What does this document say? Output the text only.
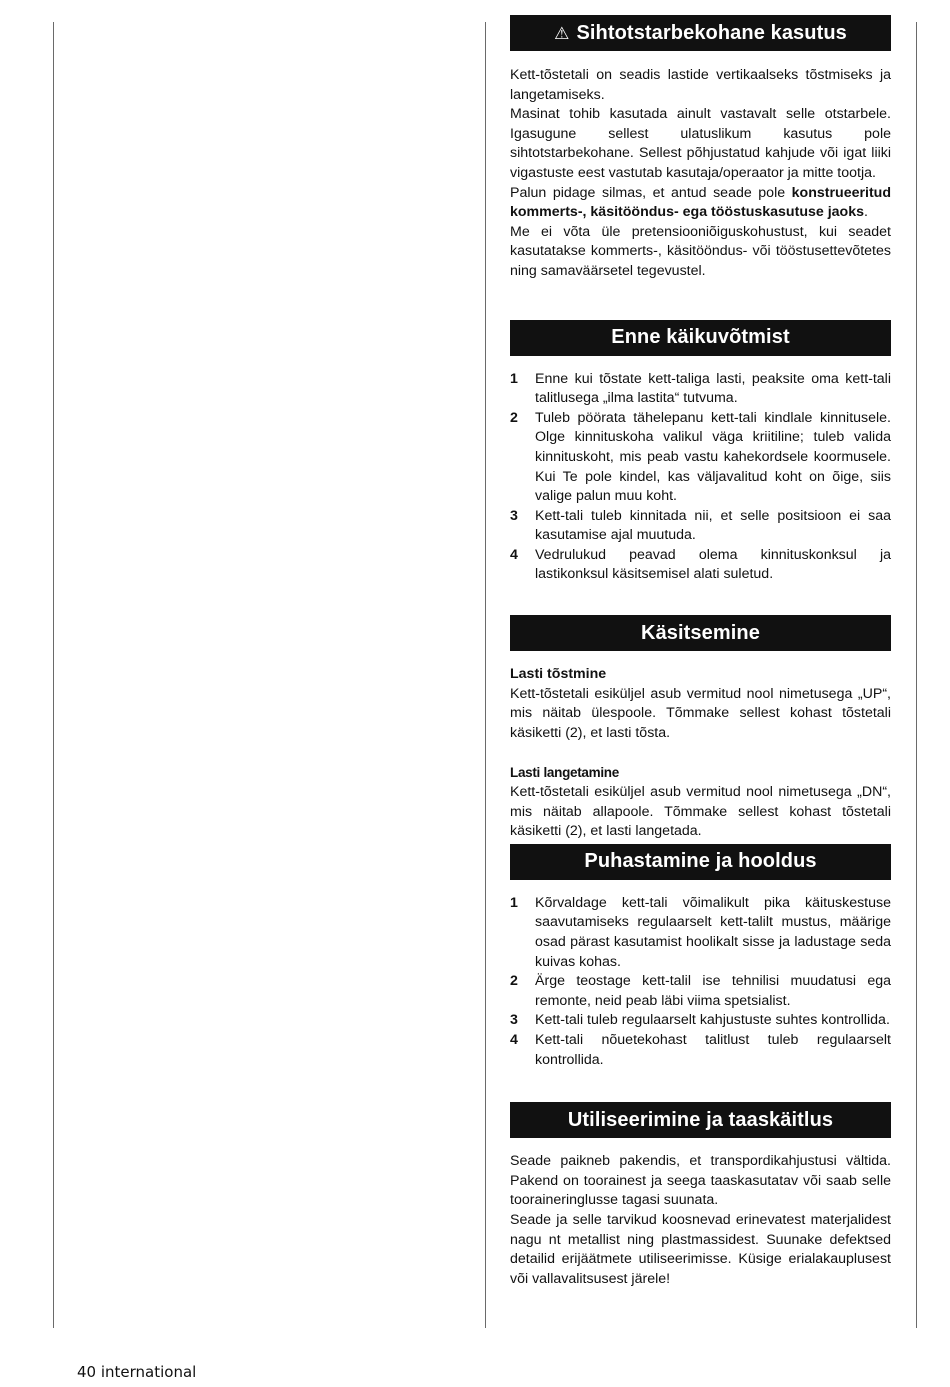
⚠ Sihtotstarbekohane kasutus

Kett-tõstetali on seadis lastide vertikaalseks tõstmiseks ja langetamiseks.

Masinat tohib kasutada ainult vastavalt selle otstarbele. Igasugune sellest ulatuslikum kasutus pole sihtotstarbekohane. Sellest põhjustatud kahjude või igat liiki vigastuste eest vastutab kasutaja/operaator ja mitte tootja.

Palun pidage silmas, et antud seade pole konstrueeritud kommerts-, käsitööndus- ega tööstuskasutuse jaoks.

Me ei võta üle pretensiooniõiguskohustust, kui seadet kasutatakse kommerts-, käsitööndus- või tööstusettevõtetes ning samaväärsetel tegevustel.

Enne käikuvõtmist
1	Enne kui tõstate kett-taliga lasti, peaksite oma kett-tali talitlusega „ilma lastita“ tutvuma.
2	Tuleb pöörata tähelepanu kett-tali kindlale kinnitusele. Olge kinnituskoha valikul väga kriitiline; tuleb valida kinnituskoht, mis peab vastu kahekordsele koormusele. Kui Te pole kindel, kas väljavalitud koht on õige, siis valige palun muu koht.
3	Kett-tali tuleb kinnitada nii, et selle positsioon ei saa kasutamise ajal muutuda.
4	Vedrulukud peavad olema kinnituskonksul ja lastikonksul käsitsemisel alati suletud.
Käsitsemine
Lasti tõstmine

Kett-tõstetali esiküljel asub vermitud nool nimetusega „UP“, mis näitab ülespoole. Tõmmake sellest kohast tõstetali käsiketti (2), et lasti tõsta.

Lasti langetamine

Kett-tõstetali esiküljel asub vermitud nool nimetusega „DN“, mis näitab allapoole. Tõmmake sellest kohast tõstetali käsiketti (2), et lasti langetada.

Puhastamine ja hooldus
1	Kõrvaldage kett-tali võimalikult pika käituskestuse saavutamiseks regulaarselt kett-talilt mustus, määrige osad pärast kasutamist hoolikalt sisse ja ladustage seda kuivas kohas.
2	Ärge teostage kett-talil ise tehnilisi muudatusi ega remonte, neid peab läbi viima spetsialist.
3	Kett-tali tuleb regulaarselt kahjustuste suhtes kontrollida.
4	Kett-tali nõuetekohast talitlust tuleb regulaarselt kontrollida.
Utiliseerimine ja taaskäitlus

Seade paikneb pakendis, et transpordikahjustusi vältida. Pakend on toorainest ja seega taaskasutatav või saab selle tooraineringlusse tagasi suunata.

Seade ja selle tarvikud koosnevad erinevatest materjalidest nagu nt metallist ning plastmassidest. Suunake defektsed detailid erijäätmete utiliseerimisse. Küsige erialakauplusest või vallavalitsusest järele!

40 international
